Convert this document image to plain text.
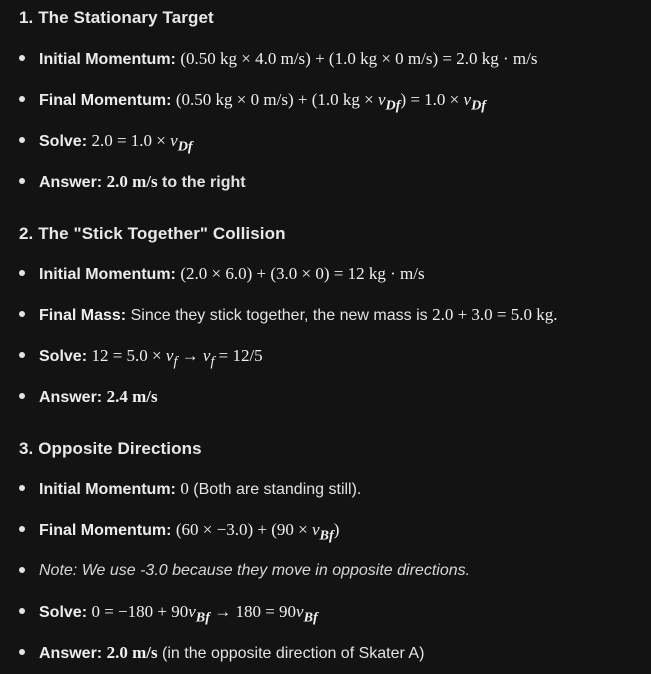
1. The Stationary Target
Initial Momentum: (0.50 kg × 4.0 m/s) + (1.0 kg × 0 m/s) = 2.0 kg · m/s
Final Momentum: (0.50 kg × 0 m/s) + (1.0 kg × $v_{Df}) = 1.0 \times v_{Df}$
Solve: $2.0 = 1.0 \times v_{Df}$
Answer: 2.0 m/s to the right
2. The "Stick Together" Collision
Initial Momentum: (2.0 × 6.0) + (3.0 × 0) = 12 kg · m/s
Final Mass: Since they stick together, the new mass is 2.0 + 3.0 = 5.0 kg.
Solve: $12 = 5.0 \times v_f \to v_f = 12/5$
Answer: 2.4 m/s
3. Opposite Directions
Initial Momentum: 0 (Both are standing still).
Final Momentum: $(60 \times -3.0) + (90 \times v_{Bf})$
Note: We use -3.0 because they move in opposite directions.
Solve: $0 = -180 + 90v_{Bf} \to 180 = 90v_{Bf}$
Answer: 2.0 m/s (in the opposite direction of Skater A)
